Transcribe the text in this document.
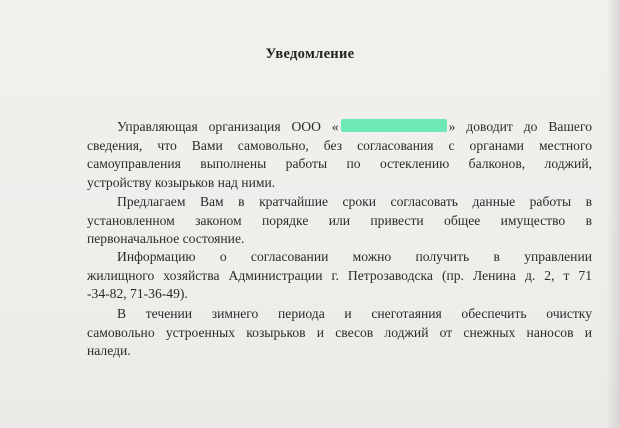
Уведомление
Управляющая организация ООО «	» доводит до Вашего
сведения, что Вами самовольно, без согласования с органами местного
самоуправления выполнены работы по остеклению балконов, лоджий,
устройству козырьков над ними.
Предлагаем Вам в кратчайшие сроки согласовать данные работы в
установленном законом порядке или привести общее имущество в
первоначальное состояние.
Информацию о согласовании можно получить в управлении
жилищного хозяйства Администрации г. Петрозаводска (пр. Ленина д. 2, т 71
-34-82, 71-36-49).
В течении зимнего периода и снеготаяния обеспечить очистку
самовольно устроенных козырьков и свесов лоджий от снежных наносов и
наледи.
